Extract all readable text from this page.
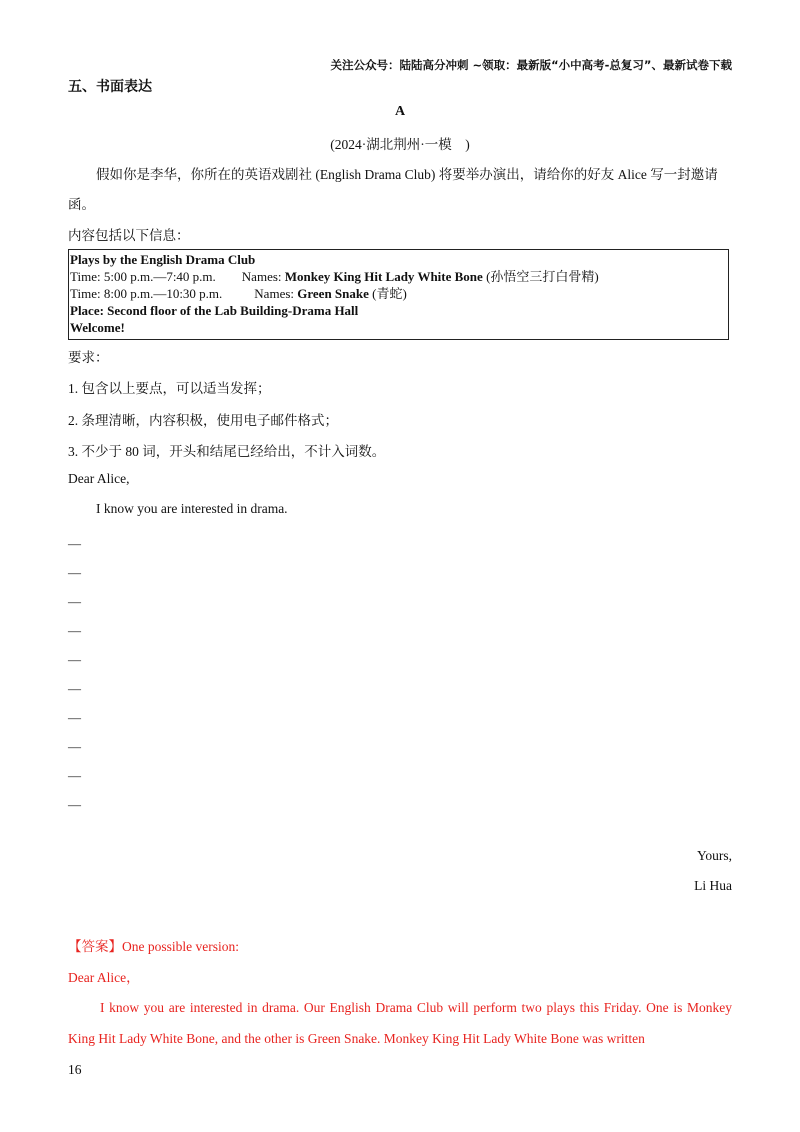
关注公众号：陆陆高分冲刺 ~领取：最新版“小中高考-总复习”、最新试卷下载
五、书面表达
A
(2024·湖北荆州·一模　)
假如你是李华，你所在的英语戏剧社 (English Drama Club) 将要举办演出，请给你的好友 Alice 写一封邀请函。
内容包括以下信息：
Plays by the English Drama Club
Time: 5:00 p.m.—7:40 p.m. Names: Monkey King Hit Lady White Bone (孙悟空三打白骨精)
Time: 8:00 p.m.—10:30 p.m. Names: Green Snake (青蛇)
Place: Second floor of the Lab Building-Drama Hall
Welcome!
要求：
1. 包含以上要点，可以适当发挥；
2. 条理清晰，内容积极，使用电子邮件格式；
3. 不少于 80 词，开头和结尾已经给出，不计入词数。
Dear Alice,
I know you are interested in drama.
—
—
—
—
—
—
—
—
—
—
Yours,
Li Hua
【答案】One possible version:
Dear Alice，
I know you are interested in drama. Our English Drama Club will perform two plays this Friday. One is Monkey King Hit Lady White Bone, and the other is Green Snake. Monkey King Hit Lady White Bone was written
16
